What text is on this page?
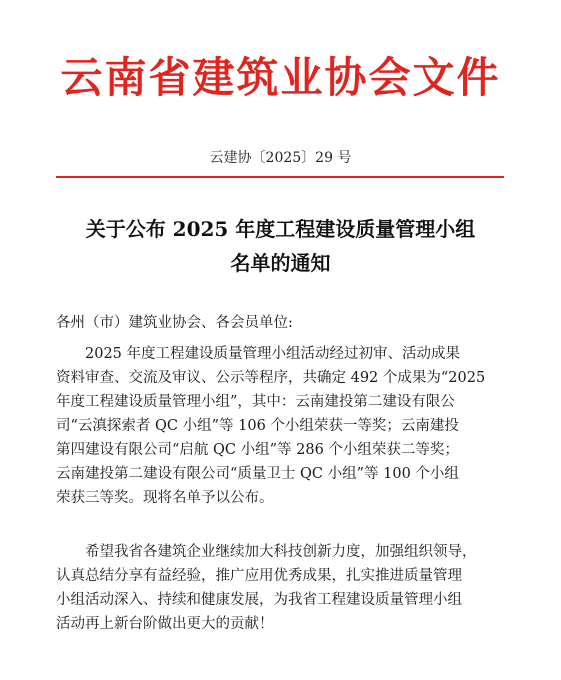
云南省建筑业协会文件
云建协〔2025〕29 号
关于公布 2025 年度工程建设质量管理小组
名单的通知
各州（市）建筑业协会、各会员单位:
2025 年度工程建设质量管理小组活动经过初审、活动成果
资料审查、交流及审议、公示等程序，共确定 492 个成果为“2025
年度工程建设质量管理小组”，其中：云南建投第二建设有限公
司“云滇探索者 QC 小组”等 106 个小组荣获一等奖；云南建投
第四建设有限公司“启航 QC 小组”等 286 个小组荣获二等奖；
云南建投第二建设有限公司“质量卫士 QC 小组”等 100 个小组
荣获三等奖。现将名单予以公布。
希望我省各建筑企业继续加大科技创新力度，加强组织领导，
认真总结分享有益经验，推广应用优秀成果，扎实推进质量管理
小组活动深入、持续和健康发展，为我省工程建设质量管理小组
活动再上新台阶做出更大的贡献！
